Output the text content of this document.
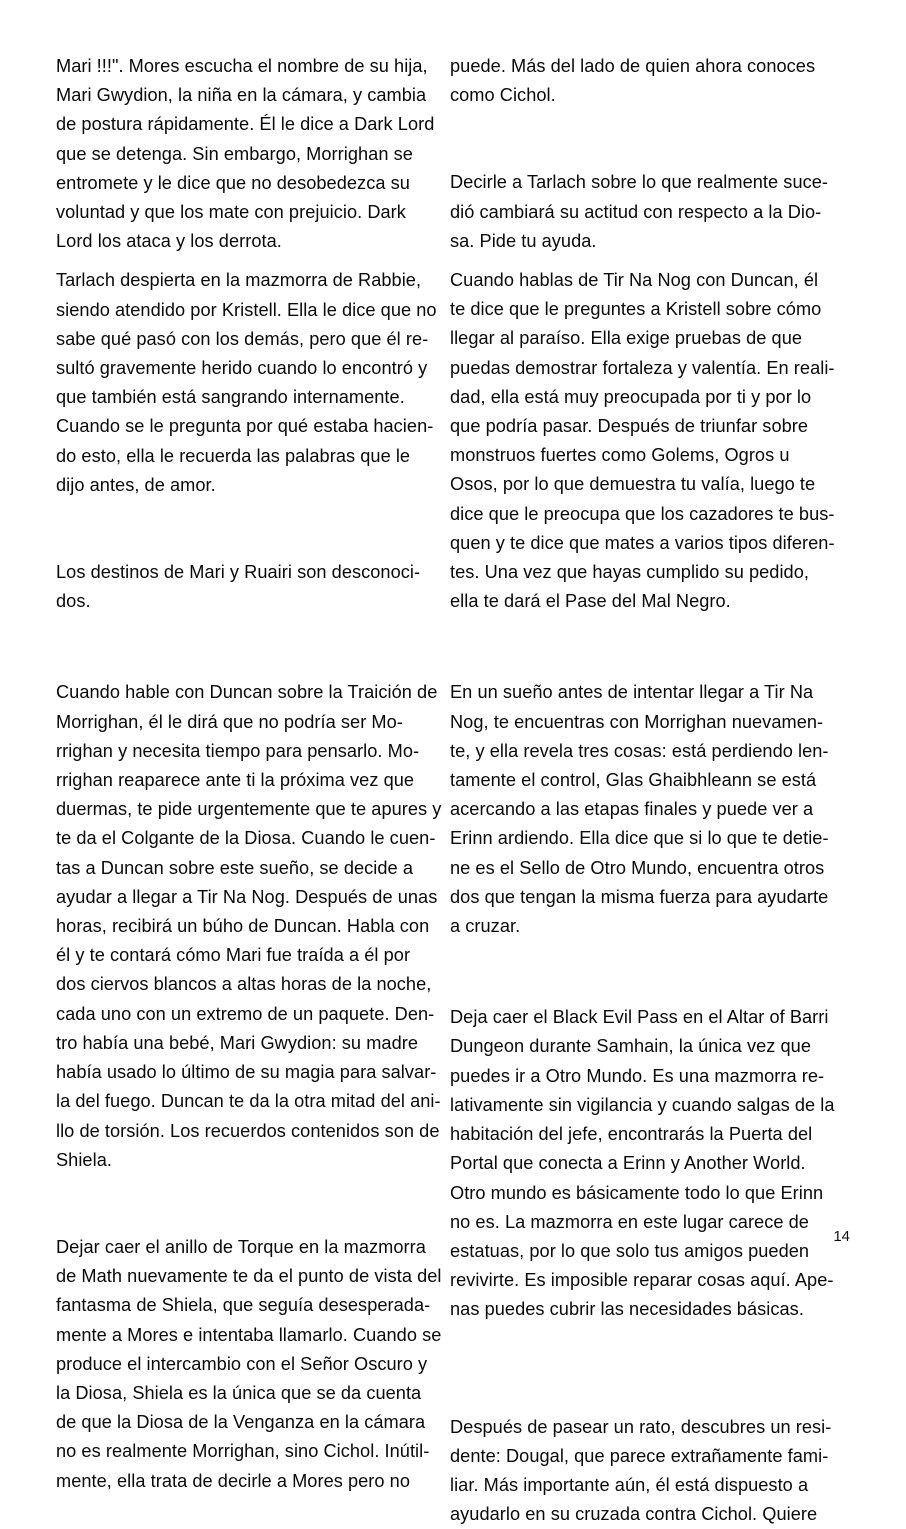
Mari !!!". Mores escucha el nombre de su hija,
Mari Gwydion, la niña en la cámara, y cambia
de postura rápidamente. Él le dice a Dark Lord
que se detenga. Sin embargo, Morrighan se
entromete y le dice que no desobedezca su
voluntad y que los mate con prejuicio. Dark
Lord los ataca y los derrota.
Tarlach despierta en la mazmorra de Rabbie,
siendo atendido por Kristell. Ella le dice que no
sabe qué pasó con los demás, pero que él re-
sultó gravemente herido cuando lo encontró y
que también está sangrando internamente.
Cuando se le pregunta por qué estaba hacien-
do esto, ella le recuerda las palabras que le
dijo antes, de amor.
Los destinos de Mari y Ruairi son desconoci-
dos.
Cuando hable con Duncan sobre la Traición de
Morrighan, él le dirá que no podría ser Mo-
rrighan y necesita tiempo para pensarlo. Mo-
rrighan reaparece ante ti la próxima vez que
duermas, te pide urgentemente que te apures y
te da el Colgante de la Diosa. Cuando le cuen-
tas a Duncan sobre este sueño, se decide a
ayudar a llegar a Tir Na Nog. Después de unas
horas, recibirá un búho de Duncan. Habla con
él y te contará cómo Mari fue traída a él por
dos ciervos blancos a altas horas de la noche,
cada uno con un extremo de un paquete. Den-
tro había una bebé, Mari Gwydion: su madre
había usado lo último de su magia para salvar-
la del fuego. Duncan te da la otra mitad del ani-
llo de torsión. Los recuerdos contenidos son de
Shiela.
Dejar caer el anillo de Torque en la mazmorra
de Math nuevamente te da el punto de vista del
fantasma de Shiela, que seguía desesperada-
mente a Mores e intentaba llamarlo. Cuando se
produce el intercambio con el Señor Oscuro y
la Diosa, Shiela es la única que se da cuenta
de que la Diosa de la Venganza en la cámara
no es realmente Morrighan, sino Cichol. Inútil-
mente, ella trata de decirle a Mores pero no
puede. Más del lado de quien ahora conoces
como Cichol.
Decirle a Tarlach sobre lo que realmente suce-
dió cambiará su actitud con respecto a la Dio-
sa. Pide tu ayuda.
Cuando hablas de Tir Na Nog con Duncan, él
te dice que le preguntes a Kristell sobre cómo
llegar al paraíso. Ella exige pruebas de que
puedas demostrar fortaleza y valentía. En reali-
dad, ella está muy preocupada por ti y por lo
que podría pasar. Después de triunfar sobre
monstruos fuertes como Golems, Ogros u
Osos, por lo que demuestra tu valía, luego te
dice que le preocupa que los cazadores te bus-
quen y te dice que mates a varios tipos diferen-
tes. Una vez que hayas cumplido su pedido,
ella te dará el Pase del Mal Negro.
En un sueño antes de intentar llegar a Tir Na
Nog, te encuentras con Morrighan nuevamen-
te, y ella revela tres cosas: está perdiendo len-
tamente el control, Glas Ghaibhleann se está
acercando a las etapas finales y puede ver a
Erinn ardiendo. Ella dice que si lo que te detie-
ne es el Sello de Otro Mundo, encuentra otros
dos que tengan la misma fuerza para ayudarte
a cruzar.
Deja caer el Black Evil Pass en el Altar of Barri
Dungeon durante Samhain, la única vez que
puedes ir a Otro Mundo. Es una mazmorra re-
lativamente sin vigilancia y cuando salgas de la
habitación del jefe, encontrarás la Puerta del
Portal que conecta a Erinn y Another World.
Otro mundo es básicamente todo lo que Erinn
no es. La mazmorra en este lugar carece de
estatuas, por lo que solo tus amigos pueden
revivirte. Es imposible reparar cosas aquí. Ape-
nas puedes cubrir las necesidades básicas.
Después de pasear un rato, descubres un resi-
dente: Dougal, que parece extrañamente fami-
liar. Más importante aún, él está dispuesto a
ayudarlo en su cruzada contra Cichol. Quiere
14
